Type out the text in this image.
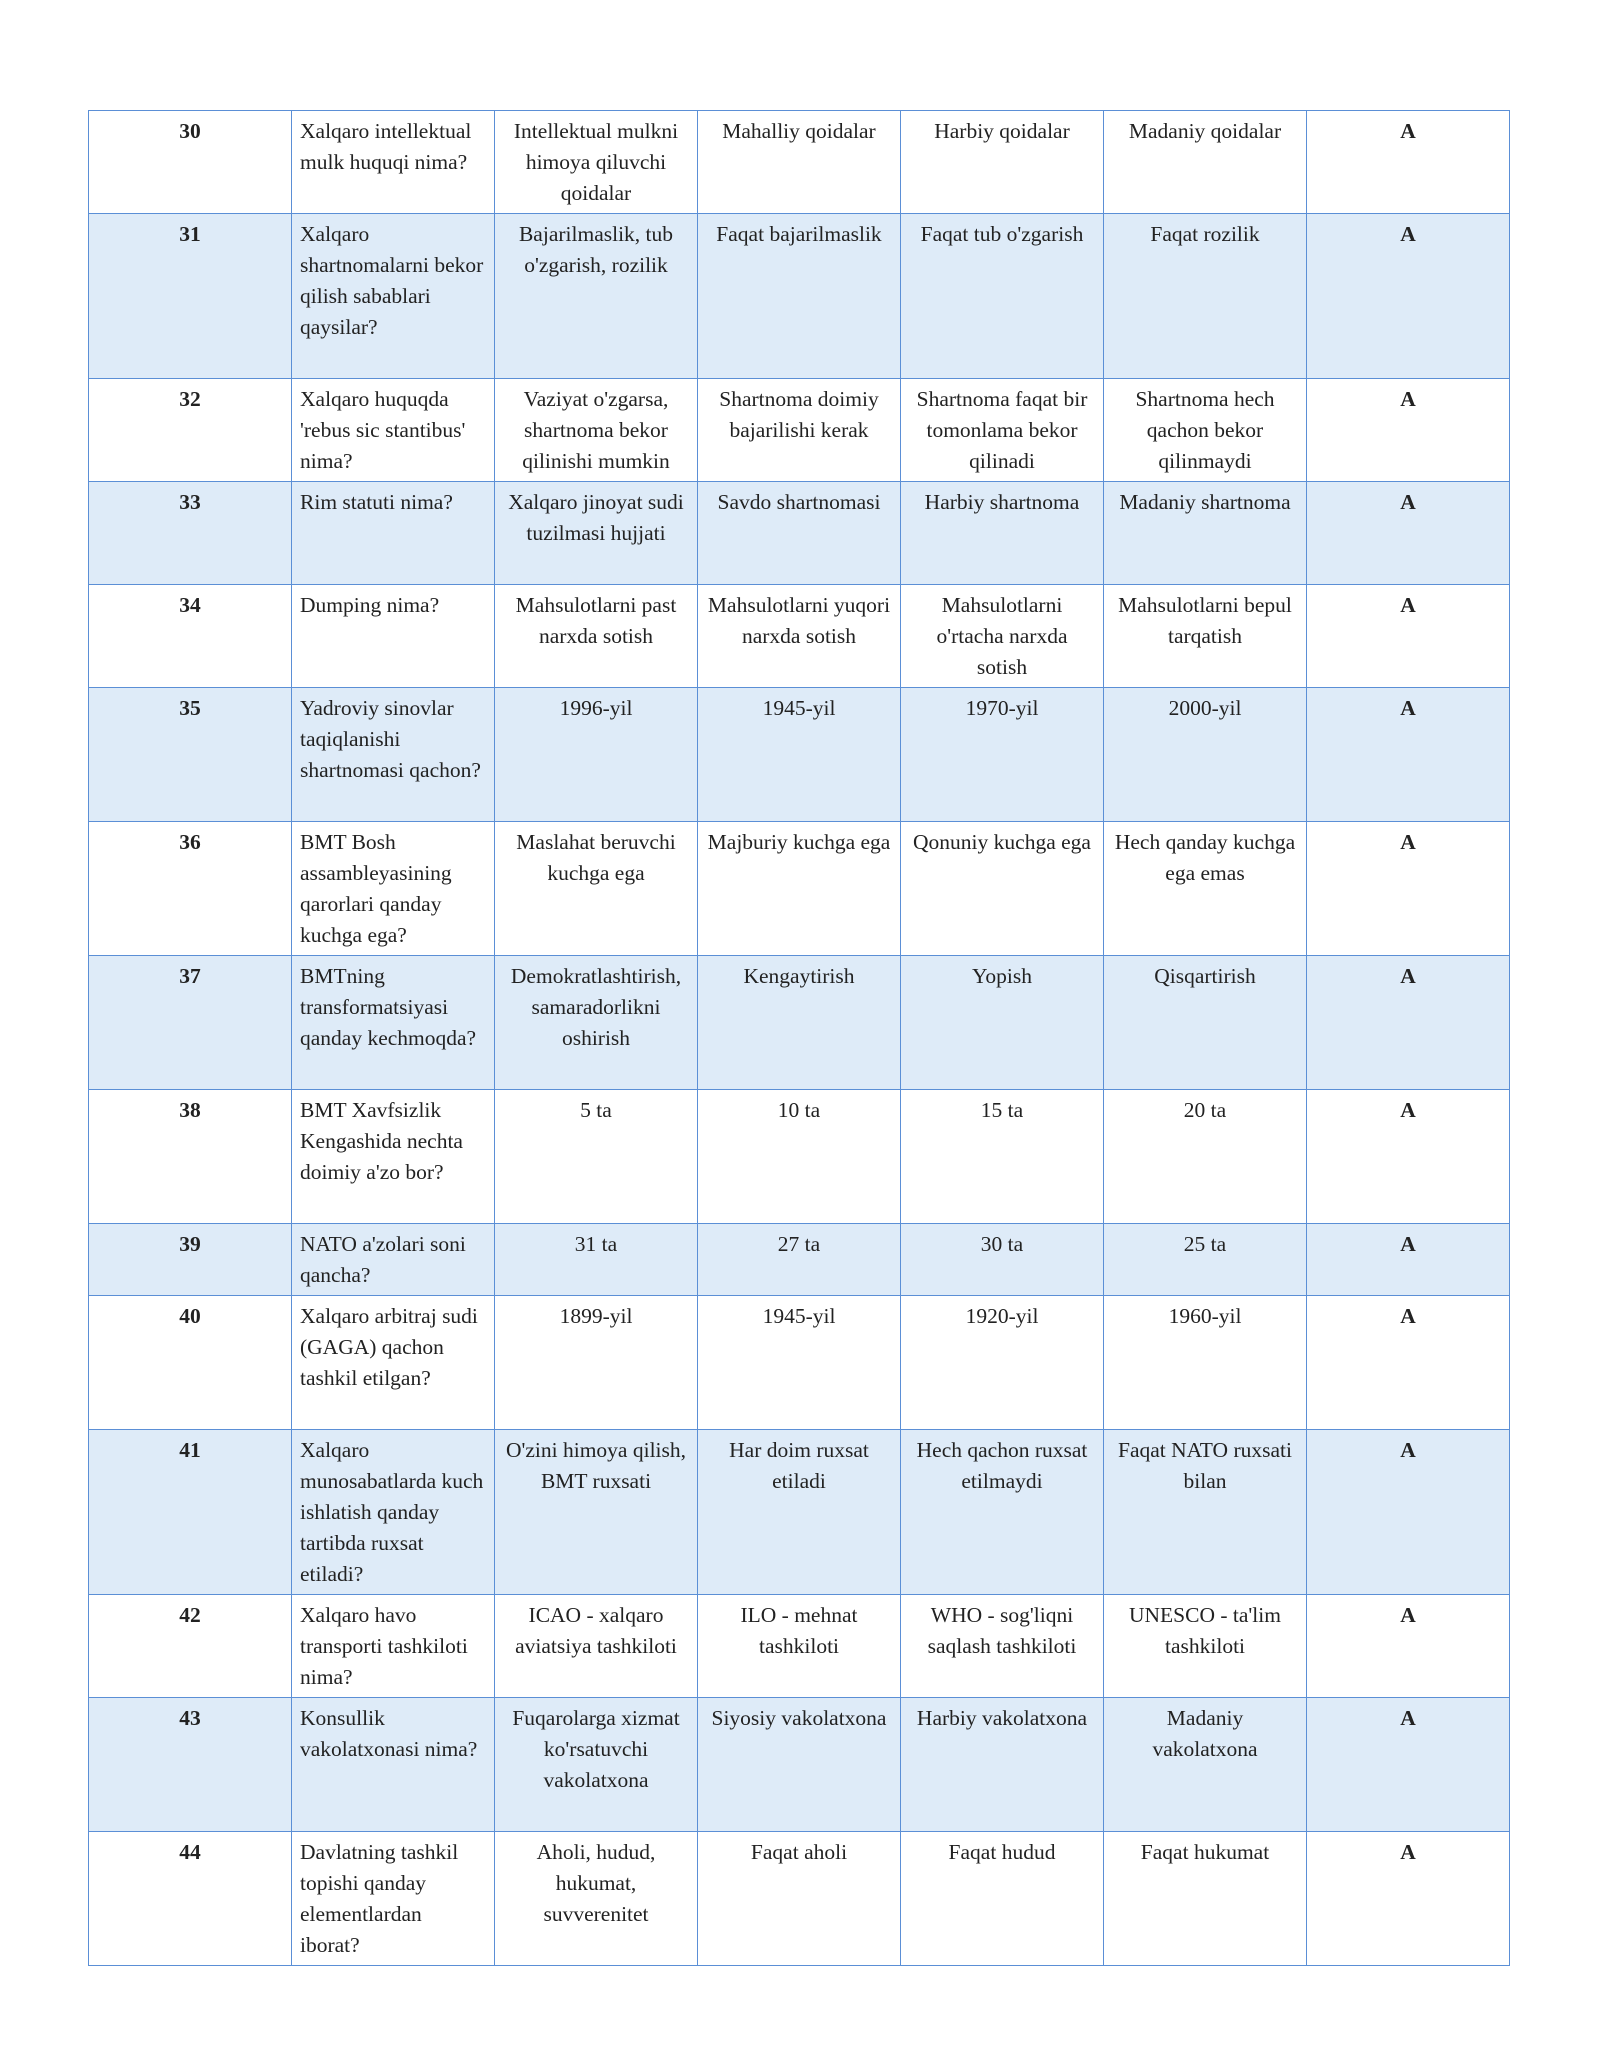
30	Xalqaro intellektual mulk huquqi nima?	Intellektual mulkni himoya qiluvchi qoidalar	Mahalliy qoidalar	Harbiy qoidalar	Madaniy qoidalar	A
31	Xalqaro shartnomalarni bekor qilish sabablari qaysilar?	Bajarilmaslik, tub o'zgarish, rozilik	Faqat bajarilmaslik	Faqat tub o'zgarish	Faqat rozilik	A
32	Xalqaro huquqda 'rebus sic stantibus' nima?	Vaziyat o'zgarsa, shartnoma bekor qilinishi mumkin	Shartnoma doimiy bajarilishi kerak	Shartnoma faqat bir tomonlama bekor qilinadi	Shartnoma hech qachon bekor qilinmaydi	A
33	Rim statuti nima?	Xalqaro jinoyat sudi tuzilmasi hujjati	Savdo shartnomasi	Harbiy shartnoma	Madaniy shartnoma	A
34	Dumping nima?	Mahsulotlarni past narxda sotish	Mahsulotlarni yuqori narxda sotish	Mahsulotlarni o'rtacha narxda sotish	Mahsulotlarni bepul tarqatish	A
35	Yadroviy sinovlar taqiqlanishi shartnomasi qachon?	1996-yil	1945-yil	1970-yil	2000-yil	A
36	BMT Bosh assambleyasining qarorlari qanday kuchga ega?	Maslahat beruvchi kuchga ega	Majburiy kuchga ega	Qonuniy kuchga ega	Hech qanday kuchga ega emas	A
37	BMTning transformatsiyasi qanday kechmoqda?	Demokratlashtirish, samaradorlikni oshirish	Kengaytirish	Yopish	Qisqartirish	A
38	BMT Xavfsizlik Kengashida nechta doimiy a'zo bor?	5 ta	10 ta	15 ta	20 ta	A
39	NATO a'zolari soni qancha?	31 ta	27 ta	30 ta	25 ta	A
40	Xalqaro arbitraj sudi (GAGA) qachon tashkil etilgan?	1899-yil	1945-yil	1920-yil	1960-yil	A
41	Xalqaro munosabatlarda kuch ishlatish qanday tartibda ruxsat etiladi?	O'zini himoya qilish, BMT ruxsati	Har doim ruxsat etiladi	Hech qachon ruxsat etilmaydi	Faqat NATO ruxsati bilan	A
42	Xalqaro havo transporti tashkiloti nima?	ICAO - xalqaro aviatsiya tashkiloti	ILO - mehnat tashkiloti	WHO - sog'liqni saqlash tashkiloti	UNESCO - ta'lim tashkiloti	A
43	Konsullik vakolatxonasi nima?	Fuqarolarga xizmat ko'rsatuvchi vakolatxona	Siyosiy vakolatxona	Harbiy vakolatxona	Madaniy vakolatxona	A
44	Davlatning tashkil topishi qanday elementlardan iborat?	Aholi, hudud, hukumat, suvverenitet	Faqat aholi	Faqat hudud	Faqat hukumat	A
